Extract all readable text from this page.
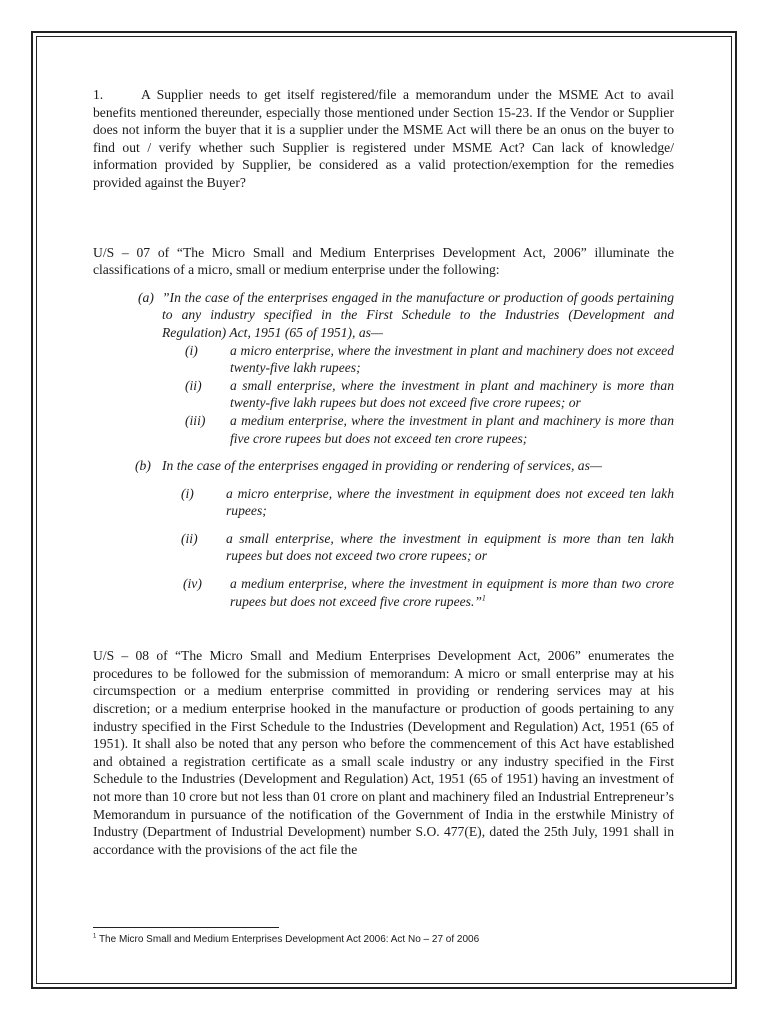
1.	A Supplier needs to get itself registered/file a memorandum under the MSME Act to avail benefits mentioned thereunder, especially those mentioned under Section 15-23. If the Vendor or Supplier does not inform the buyer that it is a supplier under the MSME Act will there be an onus on the buyer to find out / verify whether such Supplier is registered under MSME Act? Can lack of knowledge/ information provided by Supplier, be considered as a valid protection/exemption for the remedies provided against the Buyer?

U/S – 07 of “The Micro Small and Medium Enterprises Development Act, 2006” illuminate the classifications of a micro, small or medium enterprise under the following:

(a) ”In the case of the enterprises engaged in the manufacture or production of goods pertaining to any industry specified in the First Schedule to the Industries (Development and Regulation) Act, 1951 (65 of 1951), as—
(i) a micro enterprise, where the investment in plant and machinery does not exceed twenty-five lakh rupees;
(ii) a small enterprise, where the investment in plant and machinery is more than twenty-five lakh rupees but does not exceed five crore rupees; or
(iii) a medium enterprise, where the investment in plant and machinery is more than five crore rupees but does not exceed ten crore rupees;
(b) In the case of the enterprises engaged in providing or rendering of services, as—
(i) a micro enterprise, where the investment in equipment does not exceed ten lakh rupees;
(ii) a small enterprise, where the investment in equipment is more than ten lakh rupees but does not exceed two crore rupees; or
(iv) a medium enterprise, where the investment in equipment is more than two crore rupees but does not exceed five crore rupees.”$^1$

U/S – 08 of “The Micro Small and Medium Enterprises Development Act, 2006” enumerates the procedures to be followed for the submission of memorandum: A micro or small enterprise may at his circumspection or a medium enterprise committed in providing or rendering services may at his discretion; or a medium enterprise hooked in the manufacture or production of goods pertaining to any industry specified in the First Schedule to the Industries (Development and Regulation) Act, 1951 (65 of 1951). It shall also be noted that any person who before the commencement of this Act have established and obtained a registration certificate as a small scale industry or any industry specified in the First Schedule to the Industries (Development and Regulation) Act, 1951 (65 of 1951) having an investment of not more than 10 crore but not less than 01 crore on plant and machinery filed an Industrial Entrepreneur’s Memorandum in pursuance of the notification of the Government of India in the erstwhile Ministry of Industry (Department of Industrial Development) number S.O. 477(E), dated the 25th July, 1991 shall in accordance with the provisions of the act file the

$^1$ The Micro Small and Medium Enterprises Development Act 2006: Act No – 27 of 2006
